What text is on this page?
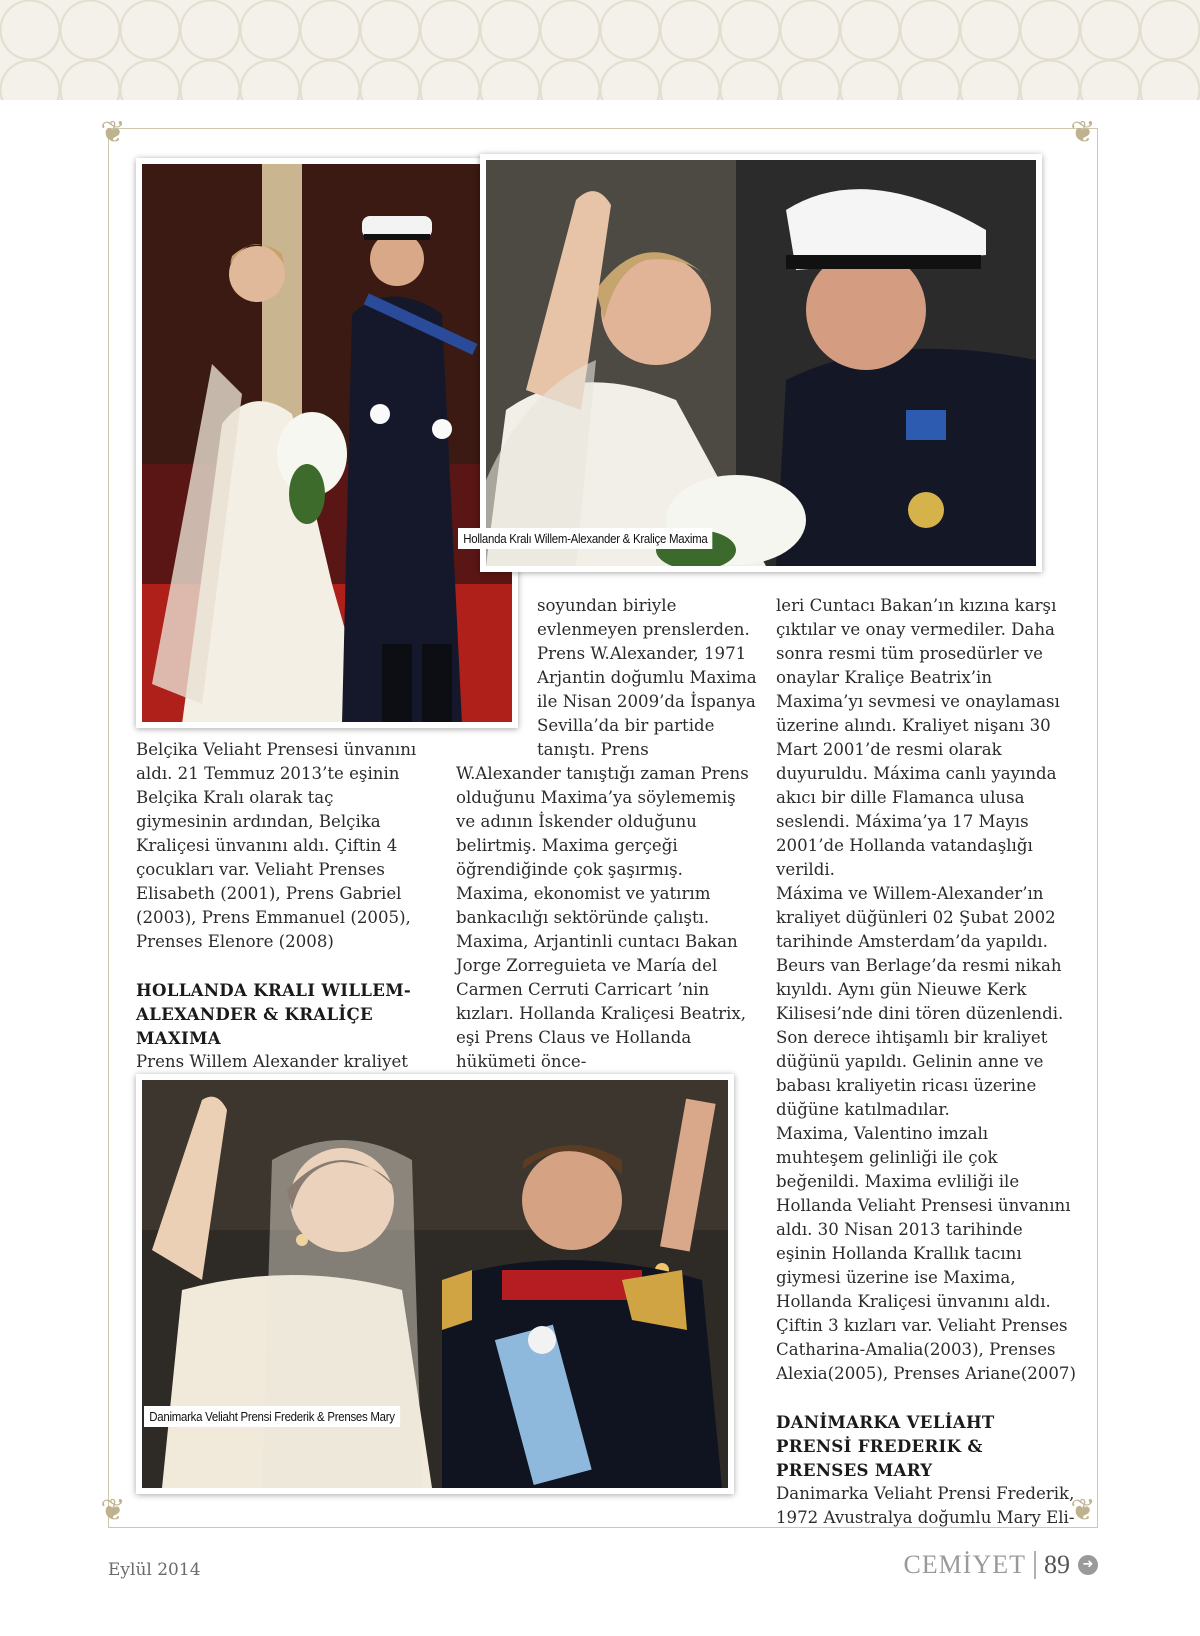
❦	❦
❦	❦
Hollanda Kralı Willem-Alexander & Kraliçe Maxima
Danimarka Veliaht Prensi Frederik & Prenses Mary

Belçika Veliaht Prensesi ünvanını aldı. 21 Temmuz 2013’te eşinin Belçika Kralı olarak taç giymesinin ardından, Belçika Kraliçesi ünvanını aldı. Çiftin 4 çocukları var. Veliaht Prenses Elisabeth (2001), Prens Gabriel (2003), Prens Emmanuel (2005), Prenses Elenore (2008)

HOLLANDA KRALI WILLEM-ALEXANDER & KRALİÇE MAXIMA

Prens Willem Alexander kraliyet

soyundan biriyle evlenmeyen prenslerden. Prens W.Alexander, 1971 Arjantin doğumlu Maxima ile Nisan 2009’da İspanya Sevilla’da bir partide tanıştı. Prens

W.Alexander tanıştığı zaman Prens olduğunu Maxima’ya söylememiş ve adının İskender olduğunu belirtmiş. Maxima gerçeği öğrendiğinde çok şaşırmış. Maxima, ekonomist ve yatırım bankacılığı sektöründe çalıştı.

Maxima, Arjantinli cuntacı Bakan Jorge Zorreguieta ve María del Carmen Cerruti Carricart ’nin kızları. Hollanda Kraliçesi Beatrix, eşi Prens Claus ve Hollanda hükümeti önce-

leri Cuntacı Bakan’ın kızına karşı çıktılar ve onay vermediler. Daha sonra resmi tüm prosedürler ve onaylar Kraliçe Beatrix’in Maxima’yı sevmesi ve onaylaması üzerine alındı. Kraliyet nişanı 30 Mart 2001’de resmi olarak duyuruldu. Máxima canlı yayında akıcı bir dille Flamanca ulusa seslendi. Máxima’ya 17 Mayıs 2001’de Hollanda vatandaşlığı verildi.

Máxima ve Willem-Alexander’ın kraliyet düğünleri 02 Şubat 2002 tarihinde Amsterdam’da yapıldı. Beurs van Berlage’da resmi nikah kıyıldı. Aynı gün Nieuwe Kerk Kilisesi’nde dini tören düzenlendi. Son derece ihtişamlı bir kraliyet düğünü yapıldı. Gelinin anne ve babası kraliyetin ricası üzerine düğüne katılmadılar.

Maxima, Valentino imzalı muhteşem gelinliği ile çok beğenildi. Maxima evliliği ile Hollanda Veliaht Prensesi ünvanını aldı. 30 Nisan 2013 tarihinde eşinin Hollanda Krallık tacını giymesi üzerine ise Maxima, Hollanda Kraliçesi ünvanını aldı. Çiftin 3 kızları var. Veliaht Prenses Catharina-Amalia(2003), Prenses Alexia(2005), Prenses Ariane(2007)

DANİMARKA VELİAHT PRENSİ FREDERIK & PRENSES MARY

Danimarka Veliaht Prensi Frederik, 1972 Avustralya doğumlu Mary Eli-

Eylül 2014	CEMİYET 89 ➜
